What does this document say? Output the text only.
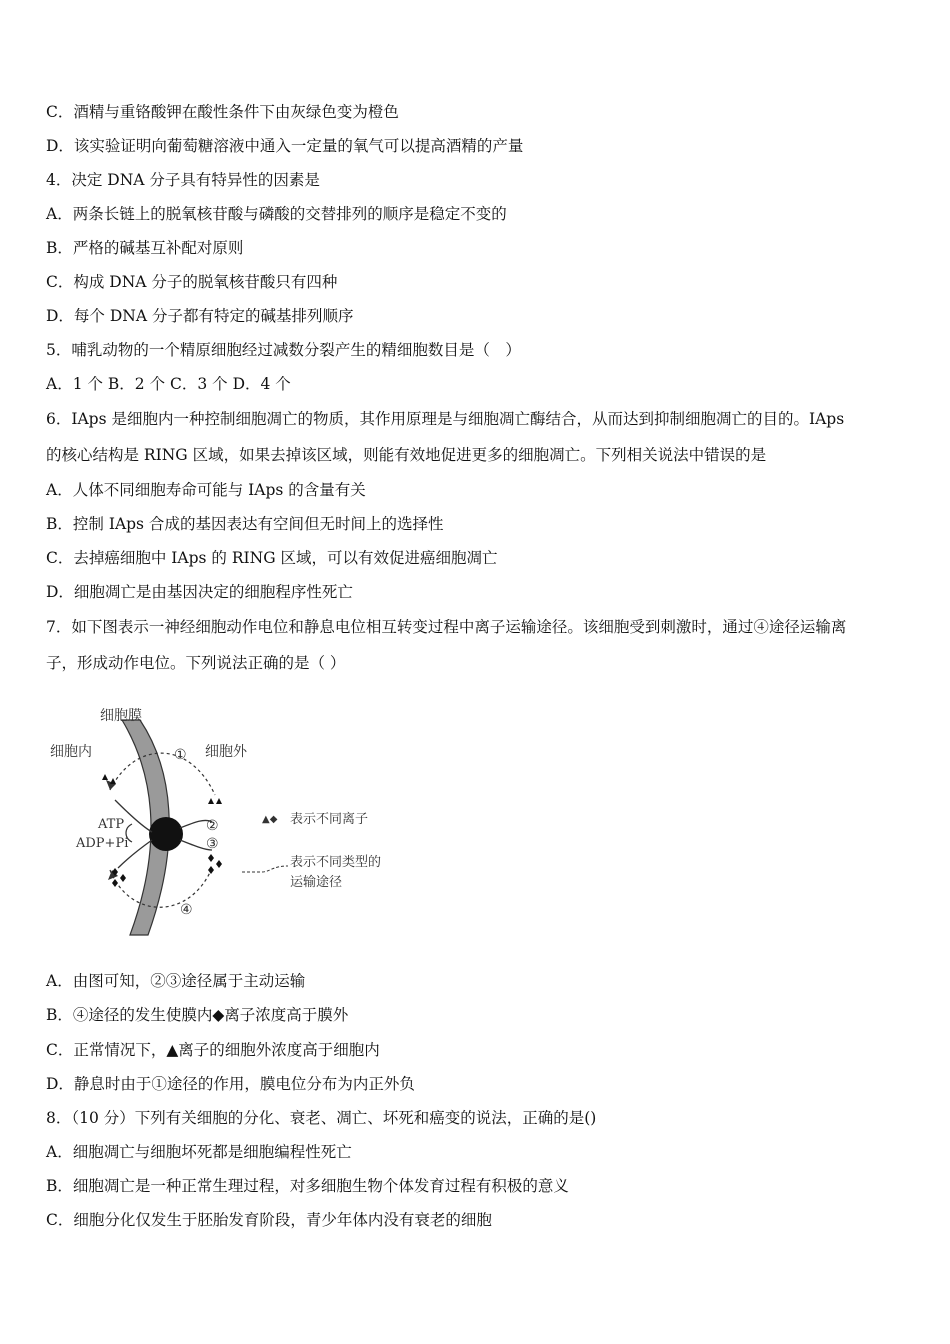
C．酒精与重铬酸钾在酸性条件下由灰绿色变为橙色
D．该实验证明向葡萄糖溶液中通入一定量的氧气可以提高酒精的产量
4．决定 DNA 分子具有特异性的因素是
A．两条长链上的脱氧核苷酸与磷酸的交替排列的顺序是稳定不变的
B．严格的碱基互补配对原则
C．构成 DNA 分子的脱氧核苷酸只有四种
D．每个 DNA 分子都有特定的碱基排列顺序
5．哺乳动物的一个精原细胞经过减数分裂产生的精细胞数目是（　）
A．1 个 B．2 个 C．3 个 D．4 个
6．IAps 是细胞内一种控制细胞凋亡的物质，其作用原理是与细胞凋亡酶结合，从而达到抑制细胞凋亡的目的。IAps
的核心结构是 RING 区域，如果去掉该区域，则能有效地促进更多的细胞凋亡。下列相关说法中错误的是
A．人体不同细胞寿命可能与 IAps 的含量有关
B．控制 IAps 合成的基因表达有空间但无时间上的选择性
C．去掉癌细胞中 IAps 的 RING 区域，可以有效促进癌细胞凋亡
D．细胞凋亡是由基因决定的细胞程序性死亡
7．如下图表示一神经细胞动作电位和静息电位相互转变过程中离子运输途径。该细胞受到刺激时，通过④途径运输离
子，形成动作电位。下列说法正确的是（ ）
A．由图可知，②③途径属于主动运输
B．④途径的发生使膜内◆离子浓度高于膜外
C．正常情况下，▲离子的细胞外浓度高于细胞内
D．静息时由于①途径的作用，膜电位分布为内正外负
8．（10 分）下列有关细胞的分化、衰老、凋亡、坏死和癌变的说法，正确的是()
A．细胞凋亡与细胞坏死都是细胞编程性死亡
B．细胞凋亡是一种正常生理过程，对多细胞生物个体发育过程有积极的意义
C．细胞分化仅发生于胚胎发育阶段，青少年体内没有衰老的细胞
细胞膜
细胞内	细胞外
①
②
③
④
ATP
ADP+Pi
▲◆ 表示不同离子
表示不同类型的
运输途径
